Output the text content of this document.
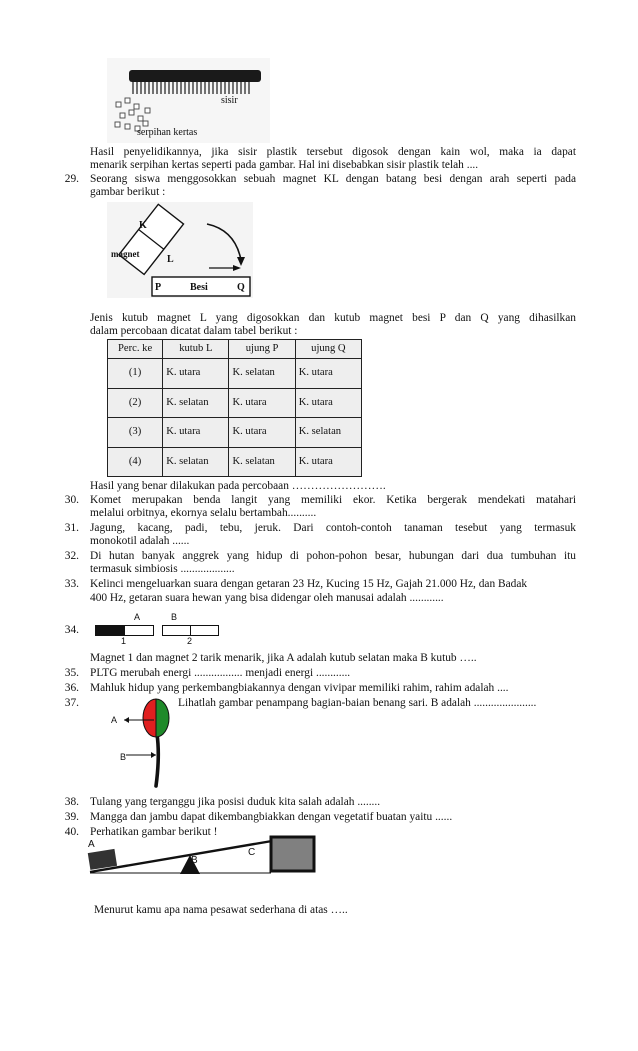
sisir
serpihan kertas
Hasil penyelidikannya, jika sisir plastik tersebut digosok dengan kain wol, maka ia dapat
menarik serpihan kertas seperti pada gambar. Hal ini disebabkan sisir plastik telah ....
29. Seorang siswa menggosokkan sebuah magnet KL dengan batang besi dengan arah seperti pada
gambar berikut :
magnet
K
L
P	Besi	Q
Jenis kutub magnet L yang digosokkan dan kutub magnet besi P dan Q yang dihasilkan
dalam percobaan dicatat dalam tabel berikut :
Perc. ke	kutub L	ujung P	ujung Q
(1)	K. utara	K. selatan	K. utara
(2)	K. selatan	K. utara	K. utara
(3)	K. utara	K. utara	K. selatan
(4)	K. selatan	K. selatan	K. utara
Hasil yang benar dilakukan pada percobaan …………………….
30. Komet merupakan benda langit yang memiliki ekor. Ketika bergerak mendekati matahari
melalui orbitnya, ekornya selalu bertambah..........
31. Jagung, kacang, padi, tebu, jeruk. Dari contoh-contoh tanaman tesebut yang termasuk
monokotil adalah ......
32. Di hutan banyak anggrek yang hidup di pohon-pohon besar, hubungan dari dua tumbuhan itu
termasuk simbiosis ...................
33. Kelinci mengeluarkan suara dengan getaran 23 Hz, Kucing 15 Hz, Gajah 21.000 Hz, dan Badak
400 Hz, getaran suara hewan yang bisa didengar oleh manusai adalah ............
34.
A	B
1	2
Magnet 1 dan magnet 2 tarik menarik, jika A adalah kutub selatan maka B kutub …..
35. PLTG merubah energi ................. menjadi energi ............
36. Mahluk hidup yang perkembangbiakannya dengan vivipar memiliki rahim, rahim adalah ....
37.	Lihatlah gambar penampang bagian-baian benang sari. B adalah ......................
A
B
38. Tulang yang terganggu jika posisi duduk kita salah adalah ........
39. Mangga dan jambu dapat dikembangbiakkan dengan vegetatif buatan yaitu ......
40. Perhatikan gambar berikut !
A
B
C
Menurut kamu apa nama pesawat sederhana di atas …..
